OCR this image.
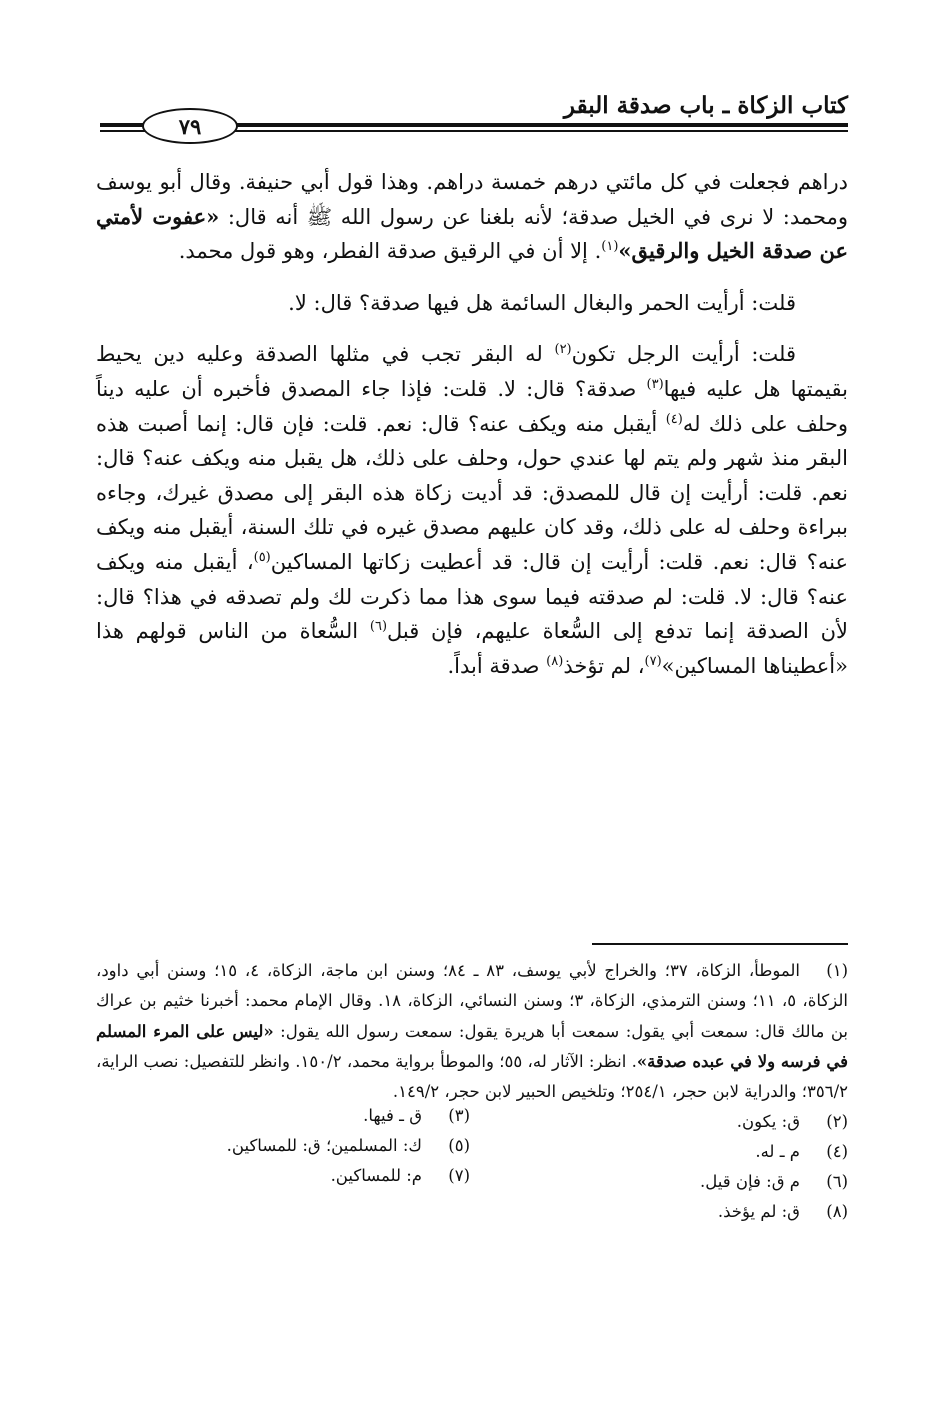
كتاب الزكاة ـ باب صدقة البقر
٧٩

دراهم فجعلت في كل مائتي درهم خمسة دراهم. وهذا قول أبي حنيفة. وقال أبو يوسف ومحمد: لا نرى في الخيل صدقة؛ لأنه بلغنا عن رسول الله ﷺ أنه قال: «عفوت لأمتي عن صدقة الخيل والرقيق»$^{(١)}$. إلا أن في الرقيق صدقة الفطر، وهو قول محمد.

قلت: أرأيت الحمر والبغال السائمة هل فيها صدقة؟ قال: لا.

قلت: أرأيت الرجل تكون$^{(٢)}$ له البقر تجب في مثلها الصدقة وعليه دين يحيط بقيمتها هل عليه فيها$^{(٣)}$ صدقة؟ قال: لا. قلت: فإذا جاء المصدق فأخبره أن عليه ديناً وحلف على ذلك له$^{(٤)}$ أيقبل منه ويكف عنه؟ قال: نعم. قلت: فإن قال: إنما أصبت هذه البقر منذ شهر ولم يتم لها عندي حول، وحلف على ذلك، هل يقبل منه ويكف عنه؟ قال: نعم. قلت: أرأيت إن قال للمصدق: قد أديت زكاة هذه البقر إلى مصدق غيرك، وجاءه ببراءة وحلف له على ذلك، وقد كان عليهم مصدق غيره في تلك السنة، أيقبل منه ويكف عنه؟ قال: نعم. قلت: أرأيت إن قال: قد أعطيت زكاتها المساكين$^{(٥)}$، أيقبل منه ويكف عنه؟ قال: لا. قلت: لم صدقته فيما سوى هذا مما ذكرت لك ولم تصدقه في هذا؟ قال: لأن الصدقة إنما تدفع إلى السُّعاة عليهم، فإن قبل$^{(٦)}$ السُّعاة من الناس قولهم هذا «أعطيناها المساكين»$^{(٧)}$، لم تؤخذ$^{(٨)}$ صدقة أبداً.

(١)الموطأ، الزكاة، ٣٧؛ والخراج لأبي يوسف، ٨٣ ـ ٨٤؛ وسنن ابن ماجة، الزكاة، ٤، ١٥؛ وسنن أبي داود، الزكاة، ٥، ١١؛ وسنن الترمذي، الزكاة، ٣؛ وسنن النسائي، الزكاة، ١٨. وقال الإمام محمد: أخبرنا خثيم بن عراك بن مالك قال: سمعت أبي يقول: سمعت أبا هريرة يقول: سمعت رسول الله يقول: «ليس على المرء المسلم في فرسه ولا في عبده صدقة». انظر: الآثار له، ٥٥؛ والموطأ برواية محمد، ١٥٠/٢. وانظر للتفصيل: نصب الراية، ٣٥٦/٢؛ والدراية لابن حجر، ٢٥٤/١؛ وتلخيص الحبير لابن حجر، ١٤٩/٢.
(٢)ق: يكون.
(٣)ق ـ فيها.
(٤)م ـ له.
(٥)ك: المسلمين؛ ق: للمساكين.
(٦)م ق: فإن قيل.
(٧)م: للمساكين.
(٨)ق: لم يؤخذ.
